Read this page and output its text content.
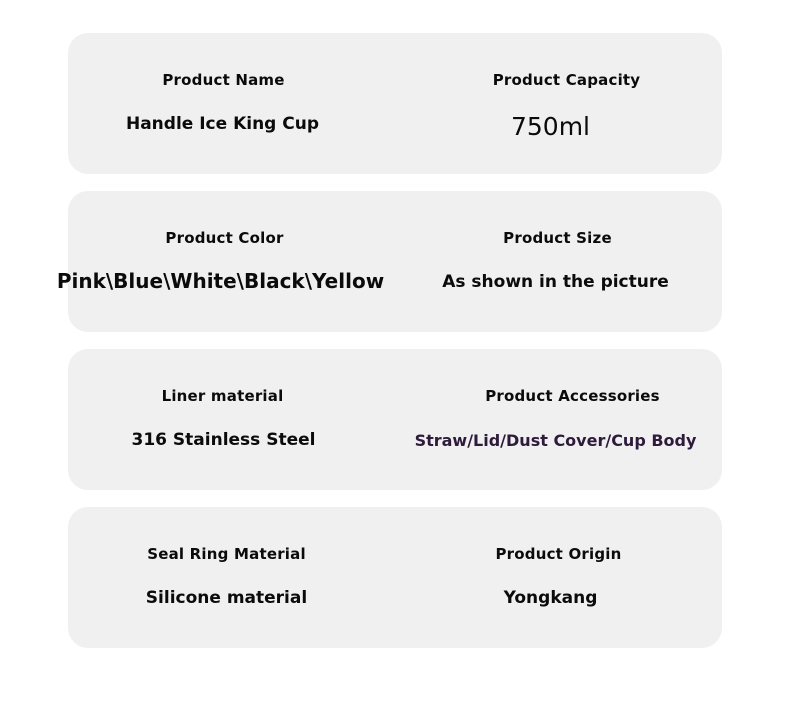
Product Name
Handle Ice King Cup
Product Capacity
750ml
Product Color
Pink\Blue\White\Black\Yellow
Product Size
As shown in the picture
Liner material
316 Stainless Steel
Product Accessories
Straw/Lid/Dust Cover/Cup Body
Seal Ring Material
Silicone material
Product Origin
Yongkang
